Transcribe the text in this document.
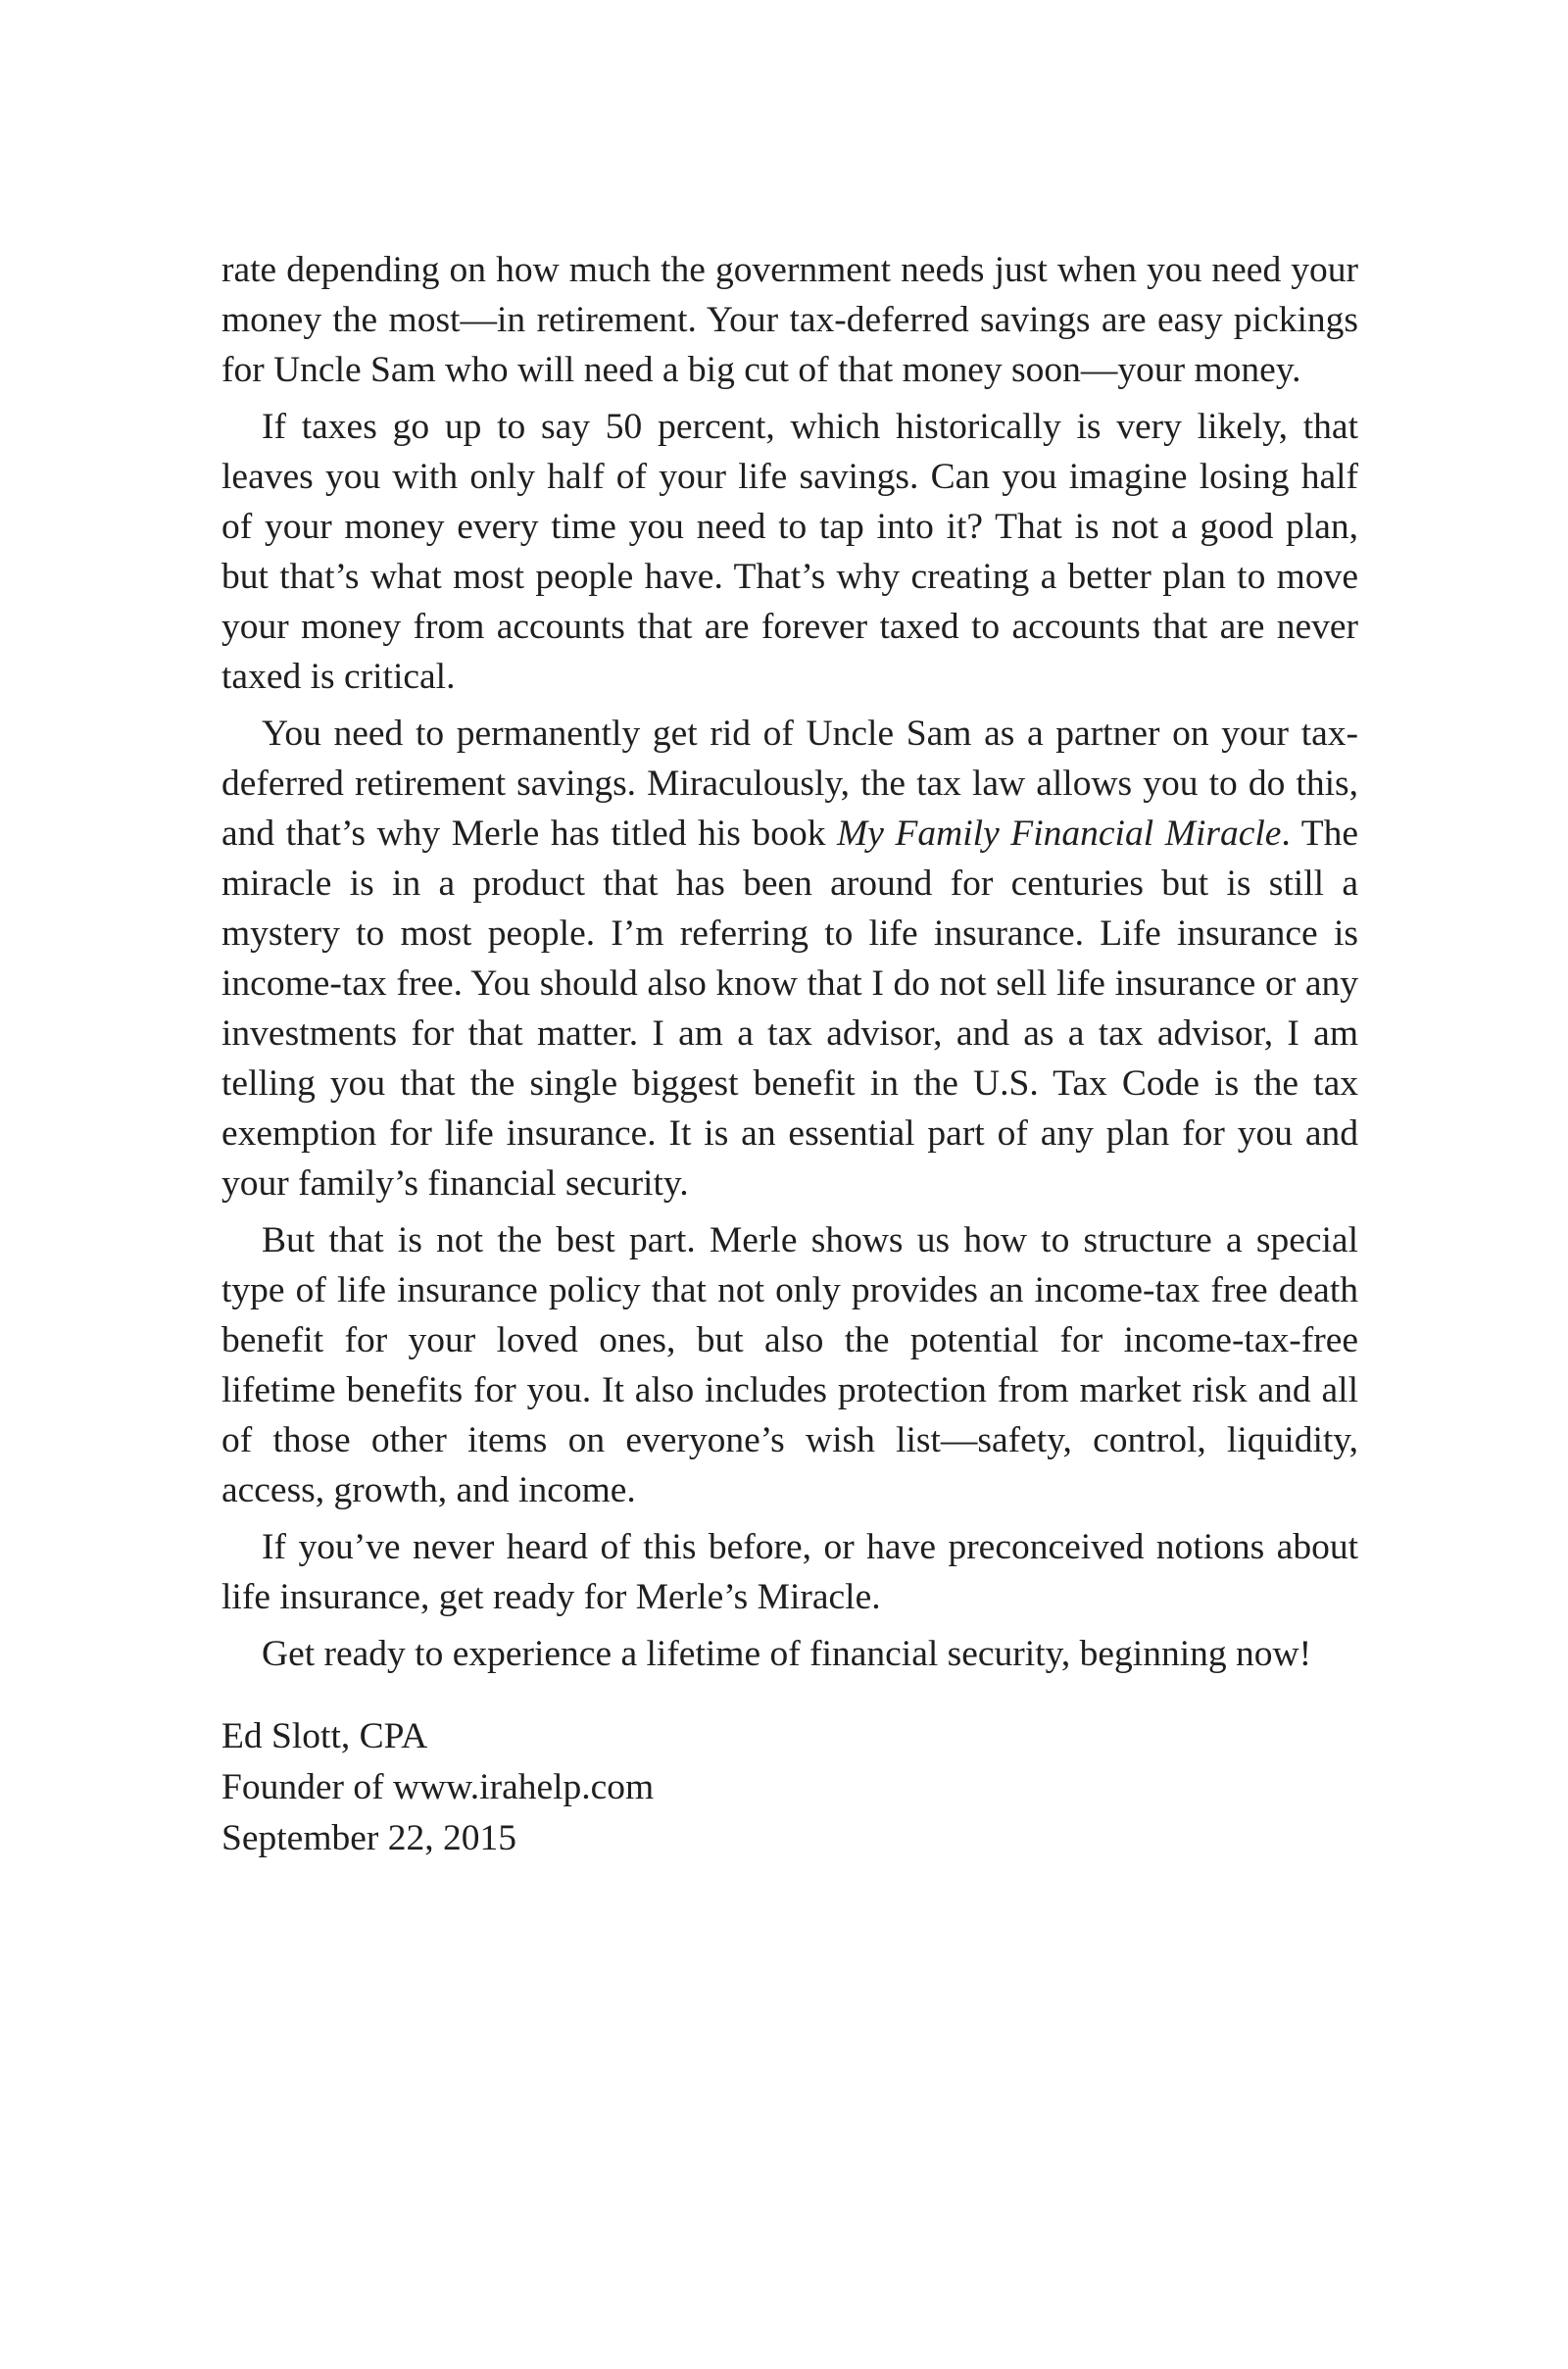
rate depending on how much the government needs just when you need your money the most—in retirement. Your tax-deferred savings are easy pickings for Uncle Sam who will need a big cut of that money soon—your money.

If taxes go up to say 50 percent, which historically is very likely, that leaves you with only half of your life savings. Can you imagine losing half of your money every time you need to tap into it? That is not a good plan, but that’s what most people have. That’s why creating a better plan to move your money from accounts that are forever taxed to accounts that are never taxed is critical.

You need to permanently get rid of Uncle Sam as a partner on your tax-deferred retirement savings. Miraculously, the tax law allows you to do this, and that’s why Merle has titled his book My Family Financial Miracle. The miracle is in a product that has been around for centuries but is still a mystery to most people. I’m referring to life insurance. Life insurance is income-tax free. You should also know that I do not sell life insurance or any investments for that matter. I am a tax advisor, and as a tax advisor, I am telling you that the single biggest benefit in the U.S. Tax Code is the tax exemption for life insurance. It is an essential part of any plan for you and your family’s financial security.

But that is not the best part. Merle shows us how to structure a special type of life insurance policy that not only provides an income-tax free death benefit for your loved ones, but also the potential for income-tax-free lifetime benefits for you. It also includes protection from market risk and all of those other items on everyone’s wish list—safety, control, liquidity, access, growth, and income.

If you’ve never heard of this before, or have preconceived notions about life insurance, get ready for Merle’s Miracle.

Get ready to experience a lifetime of financial security, beginning now!

Ed Slott, CPA
Founder of www.irahelp.com
September 22, 2015
